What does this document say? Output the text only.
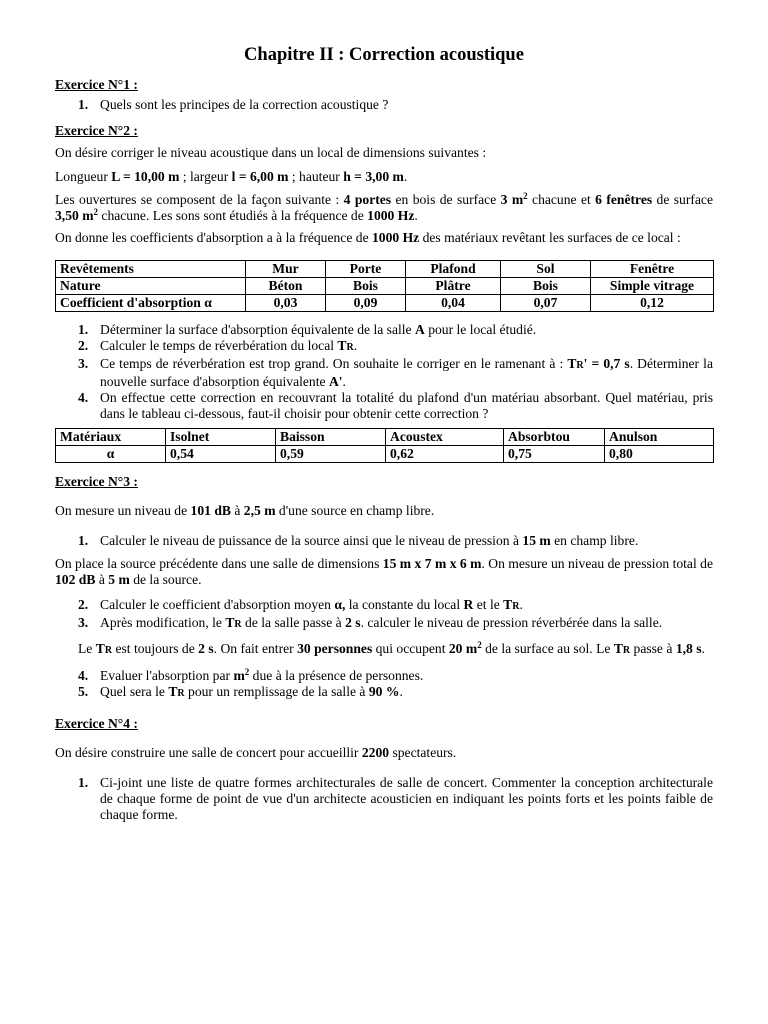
Chapitre II : Correction acoustique
Exercice N°1 :
1. Quels sont les principes de la correction acoustique ?
Exercice N°2 :

On désire corriger le niveau acoustique dans un local de dimensions suivantes :

Longueur L = 10,00 m ; largeur l = 6,00 m ; hauteur h = 3,00 m.

Les ouvertures se composent de la façon suivante : 4 portes en bois de surface 3 $m^2$ chacune et 6 fenêtres de surface 3,50 $m^2$ chacune. Les sons sont étudiés à la fréquence de 1000 Hz.

On donne les coefficients d'absorption a à la fréquence de 1000 Hz des matériaux revêtant les surfaces de ce local :

Revêtements	Mur	Porte	Plafond	Sol	Fenêtre
Nature	Béton	Bois	Plâtre	Bois	Simple vitrage
Coefficient d'absorption α	0,03	0,09	0,04	0,07	0,12
1. Déterminer la surface d'absorption équivalente de la salle A pour le local étudié.
2. Calculer le temps de réverbération du local TR.
3. Ce temps de réverbération est trop grand. On souhaite le corriger en le ramenant à : TR' = 0,7 s. Déterminer la nouvelle surface d'absorption équivalente A'.
4. On effectue cette correction en recouvrant la totalité du plafond d'un matériau absorbant. Quel matériau, pris dans le tableau ci-dessous, faut-il choisir pour obtenir cette correction ?
Matériaux	Isolnet	Baisson	Acoustex	Absorbtou	Anulson
α	0,54	0,59	0,62	0,75	0,80
Exercice N°3 :

On mesure un niveau de 101 dB à 2,5 m d'une source en champ libre.

1. Calculer le niveau de puissance de la source ainsi que le niveau de pression à 15 m en champ libre.

On place la source précédente dans une salle de dimensions 15 m x 7 m x 6 m. On mesure un niveau de pression total de 102 dB à 5 m de la source.

2. Calculer le coefficient d'absorption moyen α, la constante du local R et le TR.
3. Après modification, le TR de la salle passe à 2 s. calculer le niveau de pression réverbérée dans la salle.

Le TR est toujours de 2 s. On fait entrer 30 personnes qui occupent 20 $m^2$ de la surface au sol. Le TR passe à 1,8 s.

4. Evaluer l'absorption par $m^2$ due à la présence de personnes.
5. Quel sera le TR pour un remplissage de la salle à 90 %.
Exercice N°4 :

On désire construire une salle de concert pour accueillir 2200 spectateurs.

1. Ci-joint une liste de quatre formes architecturales de salle de concert. Commenter la conception architecturale de chaque forme de point de vue d'un architecte acousticien en indiquant les points forts et les points faible de chaque forme.
